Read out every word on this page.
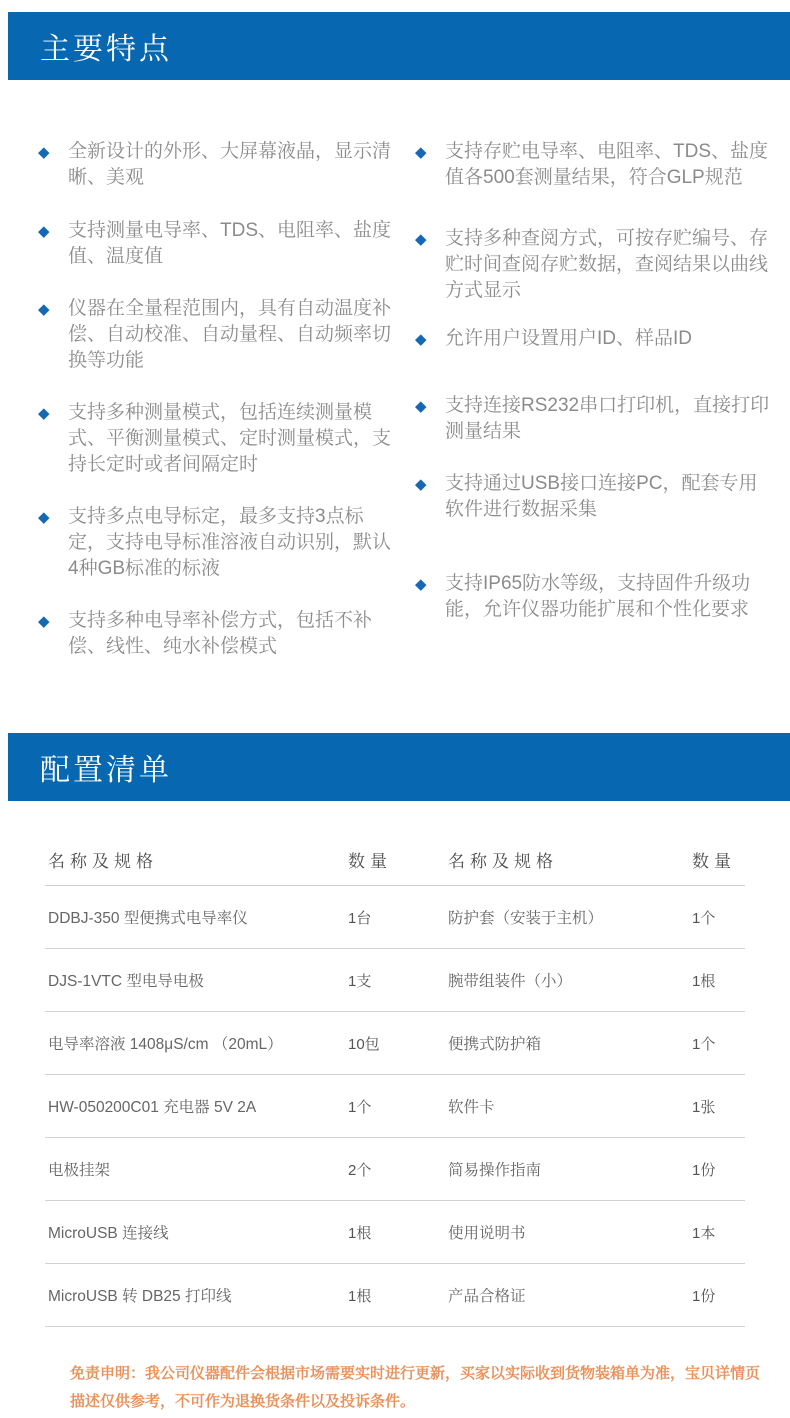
主要特点
◆ 全新设计的外形、大屏幕液晶，显示清晰、美观
◆ 支持测量电导率、TDS、电阻率、盐度值、温度值
◆ 仪器在全量程范围内，具有自动温度补偿、自动校准、自动量程、自动频率切换等功能
◆ 支持多种测量模式，包括连续测量模式、平衡测量模式、定时测量模式，支持长定时或者间隔定时
◆ 支持多点电导标定，最多支持3点标定，支持电导标准溶液自动识别，默认4种GB标准的标液
◆ 支持多种电导率补偿方式，包括不补偿、线性、纯水补偿模式
◆ 支持存贮电导率、电阻率、TDS、盐度值各500套测量结果，符合GLP规范
◆ 支持多种查阅方式，可按存贮编号、存贮时间查阅存贮数据，查阅结果以曲线方式显示
◆ 允许用户设置用户ID、样品ID
◆ 支持连接RS232串口打印机，直接打印测量结果
◆ 支持通过USB接口连接PC，配套专用软件进行数据采集
◆ 支持IP65防水等级，支持固件升级功能，允许仪器功能扩展和个性化要求
配置清单
名称及规格	数量	名称及规格	数量
DDBJ-350 型便携式电导率仪	1台	防护套（安装于主机）	1个
DJS-1VTC 型电导电极	1支	腕带组装件（小）	1根
电导率溶液 1408μS/cm （20mL）	10包	便携式防护箱	1个
HW-050200C01 充电器 5V 2A	1个	软件卡	1张
电极挂架	2个	简易操作指南	1份
MicroUSB 连接线	1根	使用说明书	1本
MicroUSB 转 DB25 打印线	1根	产品合格证	1份
免责申明：我公司仪器配件会根据市场需要实时进行更新，买家以实际收到货物装箱单为准，宝贝详情页描述仅供参考，不可作为退换货条件以及投诉条件。
